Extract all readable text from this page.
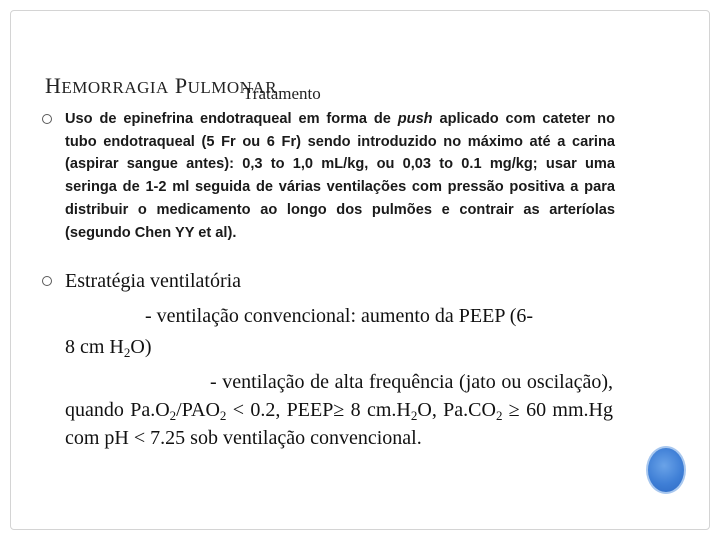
HEMORRAGIA PULMONAR
Tratamento

Uso de epinefrina endotraqueal em forma de push aplicado com cateter no tubo endotraqueal (5 Fr ou 6 Fr) sendo introduzido no máximo até a carina (aspirar sangue antes): 0,3 to 1,0 mL/kg, ou 0,03 to 0.1 mg/kg; usar uma seringa de 1-2 ml seguida de várias ventilações com pressão positiva a para distribuir o medicamento ao longo dos pulmões e contrair as arteríolas (segundo Chen YY et al).

Estratégia ventilatória
- ventilação convencional: aumento da PEEP (6-
8 cm $H_2O$)
- ventilação de alta frequência (jato ou oscilação), quando $Pa.O_2/PAO_2 < 0.2$, PEEP≥ 8 $cm.H_2O$, $Pa.CO_2 \ge 60$ mm.Hg com pH < 7.25 sob ventilação convencional.
